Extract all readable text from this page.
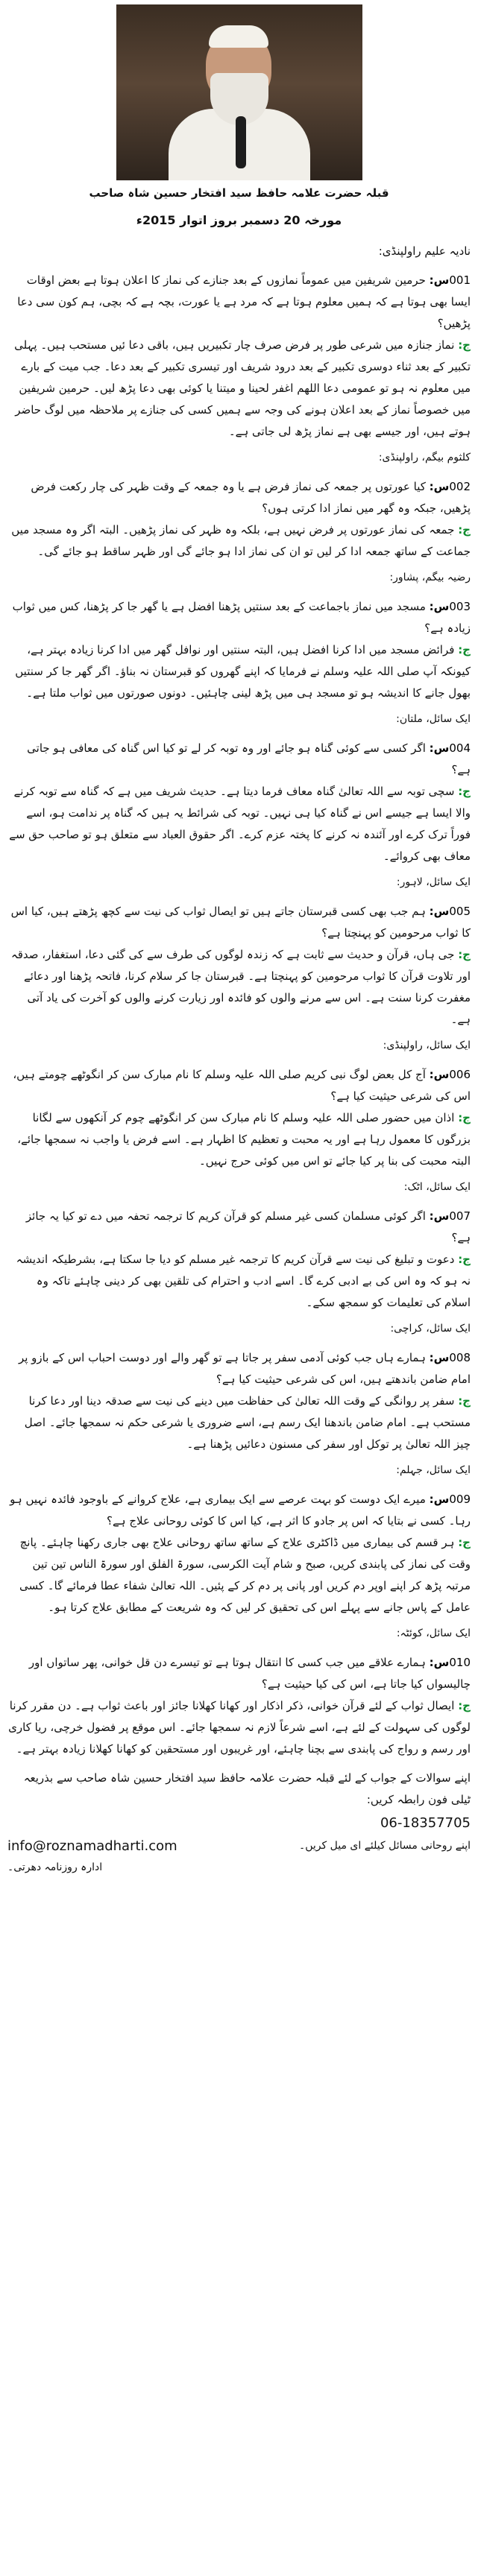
قبلہ حضرت علامہ حافظ سید افتخار حسین شاہ صاحب
مورخہ 20 دسمبر بروز اتوار 2015ء
نادیہ علیم راولپنڈی:
001س: حرمین شریفین میں عموماً نمازوں کے بعد جنازے کی نماز کا اعلان ہوتا ہے بعض اوقات ایسا بھی ہوتا ہے کہ ہمیں معلوم ہوتا ہے کہ مرد ہے یا عورت، بچہ ہے کہ بچی، ہم کون سی دعا پڑھیں؟
ج: نماز جنازہ میں شرعی طور پر فرض صرف چار تکبیریں ہیں، باقی دعا ئیں مستحب ہیں۔ پہلی تکبیر کے بعد ثناء دوسری تکبیر کے بعد درود شریف اور تیسری تکبیر کے بعد دعا۔ جب میت کے بارے میں معلوم نہ ہو تو عمومی دعا اللھم اغفر لحینا و میتنا یا کوئی بھی دعا پڑھ لیں۔ حرمین شریفین میں خصوصاً نماز کے بعد اعلان ہونے کی وجہ سے ہمیں کسی کی جنازے پر ملاحظہ میں لوگ حاضر ہوتے ہیں، اور جیسے بھی ہے نماز پڑھ لی جاتی ہے۔
کلثوم بیگم، راولپنڈی:
002س: کیا عورتوں پر جمعہ کی نماز فرض ہے یا وہ جمعہ کے وقت ظہر کی چار رکعت فرض پڑھیں، جبکہ وہ گھر میں نماز ادا کرتی ہوں؟
ج: جمعہ کی نماز عورتوں پر فرض نہیں ہے، بلکہ وہ ظہر کی نماز پڑھیں۔ البتہ اگر وہ مسجد میں جماعت کے ساتھ جمعہ ادا کر لیں تو ان کی نماز ادا ہو جائے گی اور ظہر ساقط ہو جائے گی۔
رضیہ بیگم، پشاور:
003س: مسجد میں نماز باجماعت کے بعد سنتیں پڑھنا افضل ہے یا گھر جا کر پڑھنا، کس میں ثواب زیادہ ہے؟
ج: فرائض مسجد میں ادا کرنا افضل ہیں، البتہ سنتیں اور نوافل گھر میں ادا کرنا زیادہ بہتر ہے، کیونکہ آپ صلی اللہ علیہ وسلم نے فرمایا کہ اپنے گھروں کو قبرستان نہ بناؤ۔ اگر گھر جا کر سنتیں بھول جانے کا اندیشہ ہو تو مسجد ہی میں پڑھ لینی چاہئیں۔ دونوں صورتوں میں ثواب ملتا ہے۔
ایک سائل، ملتان:
004س: اگر کسی سے کوئی گناہ ہو جائے اور وہ توبہ کر لے تو کیا اس گناہ کی معافی ہو جاتی ہے؟
ج: سچی توبہ سے اللہ تعالیٰ گناہ معاف فرما دیتا ہے۔ حدیث شریف میں ہے کہ گناہ سے توبہ کرنے والا ایسا ہے جیسے اس نے گناہ کیا ہی نہیں۔ توبہ کی شرائط یہ ہیں کہ گناہ پر ندامت ہو، اسے فوراً ترک کرے اور آئندہ نہ کرنے کا پختہ عزم کرے۔ اگر حقوق العباد سے متعلق ہو تو صاحب حق سے معاف بھی کروائے۔
ایک سائل، لاہور:
005س: ہم جب بھی کسی قبرستان جاتے ہیں تو ایصال ثواب کی نیت سے کچھ پڑھتے ہیں، کیا اس کا ثواب مرحومین کو پہنچتا ہے؟
ج: جی ہاں، قرآن و حدیث سے ثابت ہے کہ زندہ لوگوں کی طرف سے کی گئی دعا، استغفار، صدقہ اور تلاوت قرآن کا ثواب مرحومین کو پہنچتا ہے۔ قبرستان جا کر سلام کرنا، فاتحہ پڑھنا اور دعائے مغفرت کرنا سنت ہے۔ اس سے مرنے والوں کو فائدہ اور زیارت کرنے والوں کو آخرت کی یاد آتی ہے۔
ایک سائل، راولپنڈی:
006س: آج کل بعض لوگ نبی کریم صلی اللہ علیہ وسلم کا نام مبارک سن کر انگوٹھے چومتے ہیں، اس کی شرعی حیثیت کیا ہے؟
ج: اذان میں حضور صلی اللہ علیہ وسلم کا نام مبارک سن کر انگوٹھے چوم کر آنکھوں سے لگانا بزرگوں کا معمول رہا ہے اور یہ محبت و تعظیم کا اظہار ہے۔ اسے فرض یا واجب نہ سمجھا جائے، البتہ محبت کی بنا پر کیا جائے تو اس میں کوئی حرج نہیں۔
ایک سائل، اٹک:
007س: اگر کوئی مسلمان کسی غیر مسلم کو قرآن کریم کا ترجمہ تحفہ میں دے تو کیا یہ جائز ہے؟
ج: دعوت و تبلیغ کی نیت سے قرآن کریم کا ترجمہ غیر مسلم کو دیا جا سکتا ہے، بشرطیکہ اندیشہ نہ ہو کہ وہ اس کی بے ادبی کرے گا۔ اسے ادب و احترام کی تلقین بھی کر دینی چاہئے تاکہ وہ اسلام کی تعلیمات کو سمجھ سکے۔
ایک سائل، کراچی:
008س: ہمارے ہاں جب کوئی آدمی سفر پر جاتا ہے تو گھر والے اور دوست احباب اس کے بازو پر امام ضامن باندھتے ہیں، اس کی شرعی حیثیت کیا ہے؟
ج: سفر پر روانگی کے وقت اللہ تعالیٰ کی حفاظت میں دینے کی نیت سے صدقہ دینا اور دعا کرنا مستحب ہے۔ امام ضامن باندھنا ایک رسم ہے، اسے ضروری یا شرعی حکم نہ سمجھا جائے۔ اصل چیز اللہ تعالیٰ پر توکل اور سفر کی مسنون دعائیں پڑھنا ہے۔
ایک سائل، جہلم:
009س: میرے ایک دوست کو بہت عرصے سے ایک بیماری ہے، علاج کروانے کے باوجود فائدہ نہیں ہو رہا۔ کسی نے بتایا کہ اس پر جادو کا اثر ہے، کیا اس کا کوئی روحانی علاج ہے؟
ج: ہر قسم کی بیماری میں ڈاکٹری علاج کے ساتھ ساتھ روحانی علاج بھی جاری رکھنا چاہئے۔ پانچ وقت کی نماز کی پابندی کریں، صبح و شام آیت الکرسی، سورۃ الفلق اور سورۃ الناس تین تین مرتبہ پڑھ کر اپنے اوپر دم کریں اور پانی پر دم کر کے پئیں۔ اللہ تعالیٰ شفاء عطا فرمائے گا۔ کسی عامل کے پاس جانے سے پہلے اس کی تحقیق کر لیں کہ وہ شریعت کے مطابق علاج کرتا ہو۔
ایک سائل، کوئٹہ:
010س: ہمارے علاقے میں جب کسی کا انتقال ہوتا ہے تو تیسرے دن قل خوانی، پھر ساتواں اور چالیسواں کیا جاتا ہے، اس کی کیا حیثیت ہے؟
ج: ایصال ثواب کے لئے قرآن خوانی، ذکر اذکار اور کھانا کھلانا جائز اور باعث ثواب ہے۔ دن مقرر کرنا لوگوں کی سہولت کے لئے ہے، اسے شرعاً لازم نہ سمجھا جائے۔ اس موقع پر فضول خرچی، ریا کاری اور رسم و رواج کی پابندی سے بچنا چاہئے، اور غریبوں اور مستحقین کو کھانا کھلانا زیادہ بہتر ہے۔
اپنے سوالات کے جواب کے لئے قبلہ حضرت علامہ حافظ سید افتخار حسین شاہ صاحب سے بذریعہ ٹیلی فون رابطہ کریں:
06-18357705
info@roznamadharti.com	اپنے روحانی مسائل کیلئے ای میل کریں۔
ادارہ روزنامہ دھرتی۔
